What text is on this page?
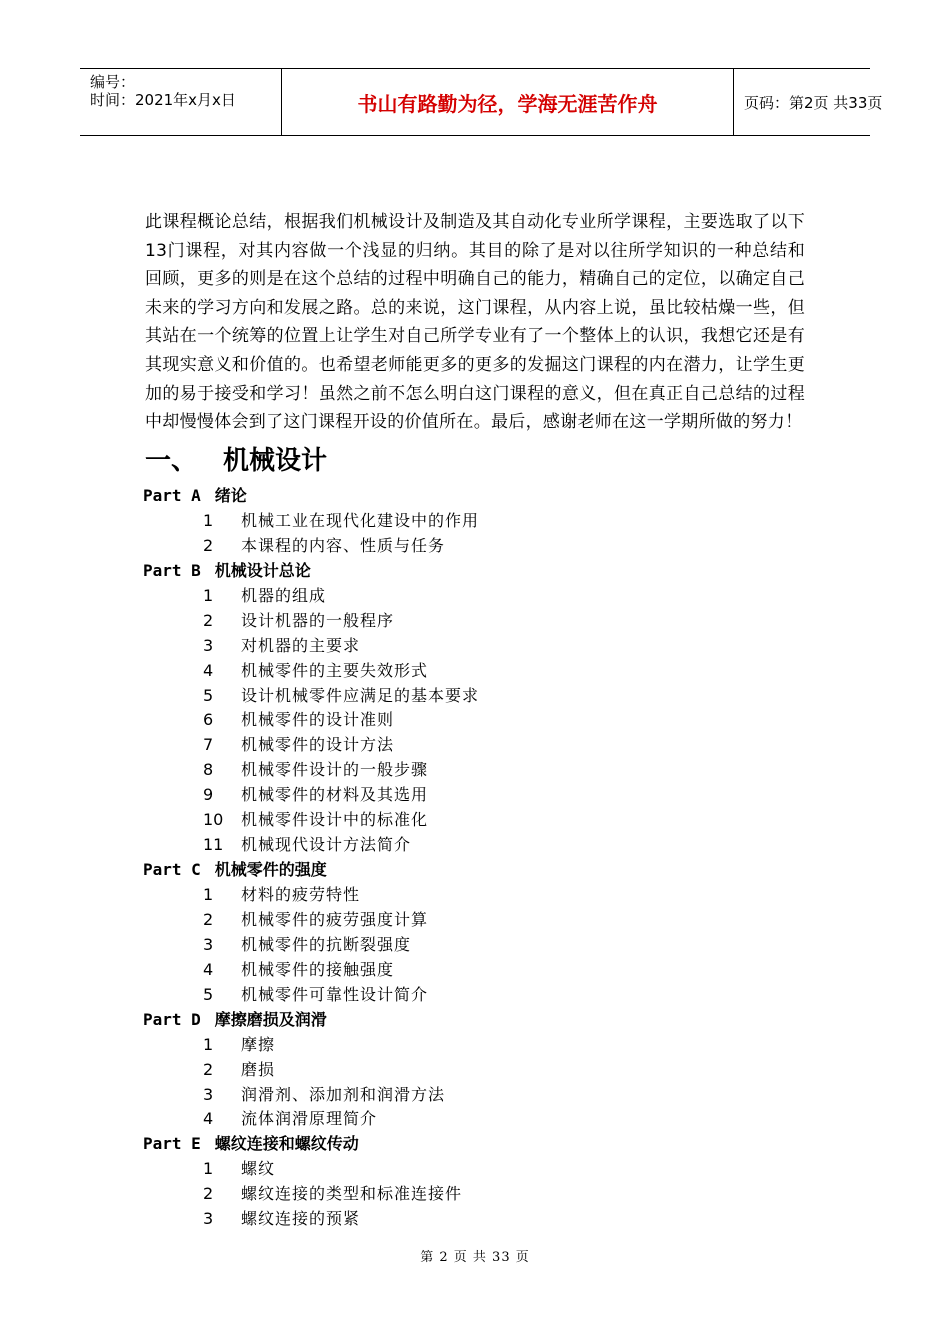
编号：
时间：2021年x月x日	书山有路勤为径，学海无涯苦作舟	页码：第2页 共33页
此课程概论总结，根据我们机械设计及制造及其自动化专业所学课程，主要选取了以下13门课程，对其内容做一个浅显的归纳。其目的除了是对以往所学知识的一种总结和回顾，更多的则是在这个总结的过程中明确自己的能力，精确自己的定位，以确定自己未来的学习方向和发展之路。总的来说，这门课程，从内容上说，虽比较枯燥一些，但其站在一个统筹的位置上让学生对自己所学专业有了一个整体上的认识，我想它还是有其现实意义和价值的。也希望老师能更多的更多的发掘这门课程的内在潜力，让学生更加的易于接受和学习！虽然之前不怎么明白这门课程的意义，但在真正自己总结的过程中却慢慢体会到了这门课程开设的价值所在。最后，感谢老师在这一学期所做的努力！
一、 机械设计
Part A 绪论
1 机械工业在现代化建设中的作用
2 本课程的内容、性质与任务
Part B 机械设计总论
1 机器的组成
2 设计机器的一般程序
3 对机器的主要求
4 机械零件的主要失效形式
5 设计机械零件应满足的基本要求
6 机械零件的设计准则
7 机械零件的设计方法
8 机械零件设计的一般步骤
9 机械零件的材料及其选用
10 机械零件设计中的标准化
11 机械现代设计方法简介
Part C 机械零件的强度
1 材料的疲劳特性
2 机械零件的疲劳强度计算
3 机械零件的抗断裂强度
4 机械零件的接触强度
5 机械零件可靠性设计简介
Part D 摩擦磨损及润滑
1 摩擦
2 磨损
3 润滑剂、添加剂和润滑方法
4 流体润滑原理简介
Part E 螺纹连接和螺纹传动
1 螺纹
2 螺纹连接的类型和标准连接件
3 螺纹连接的预紧
第 2 页 共 33 页
